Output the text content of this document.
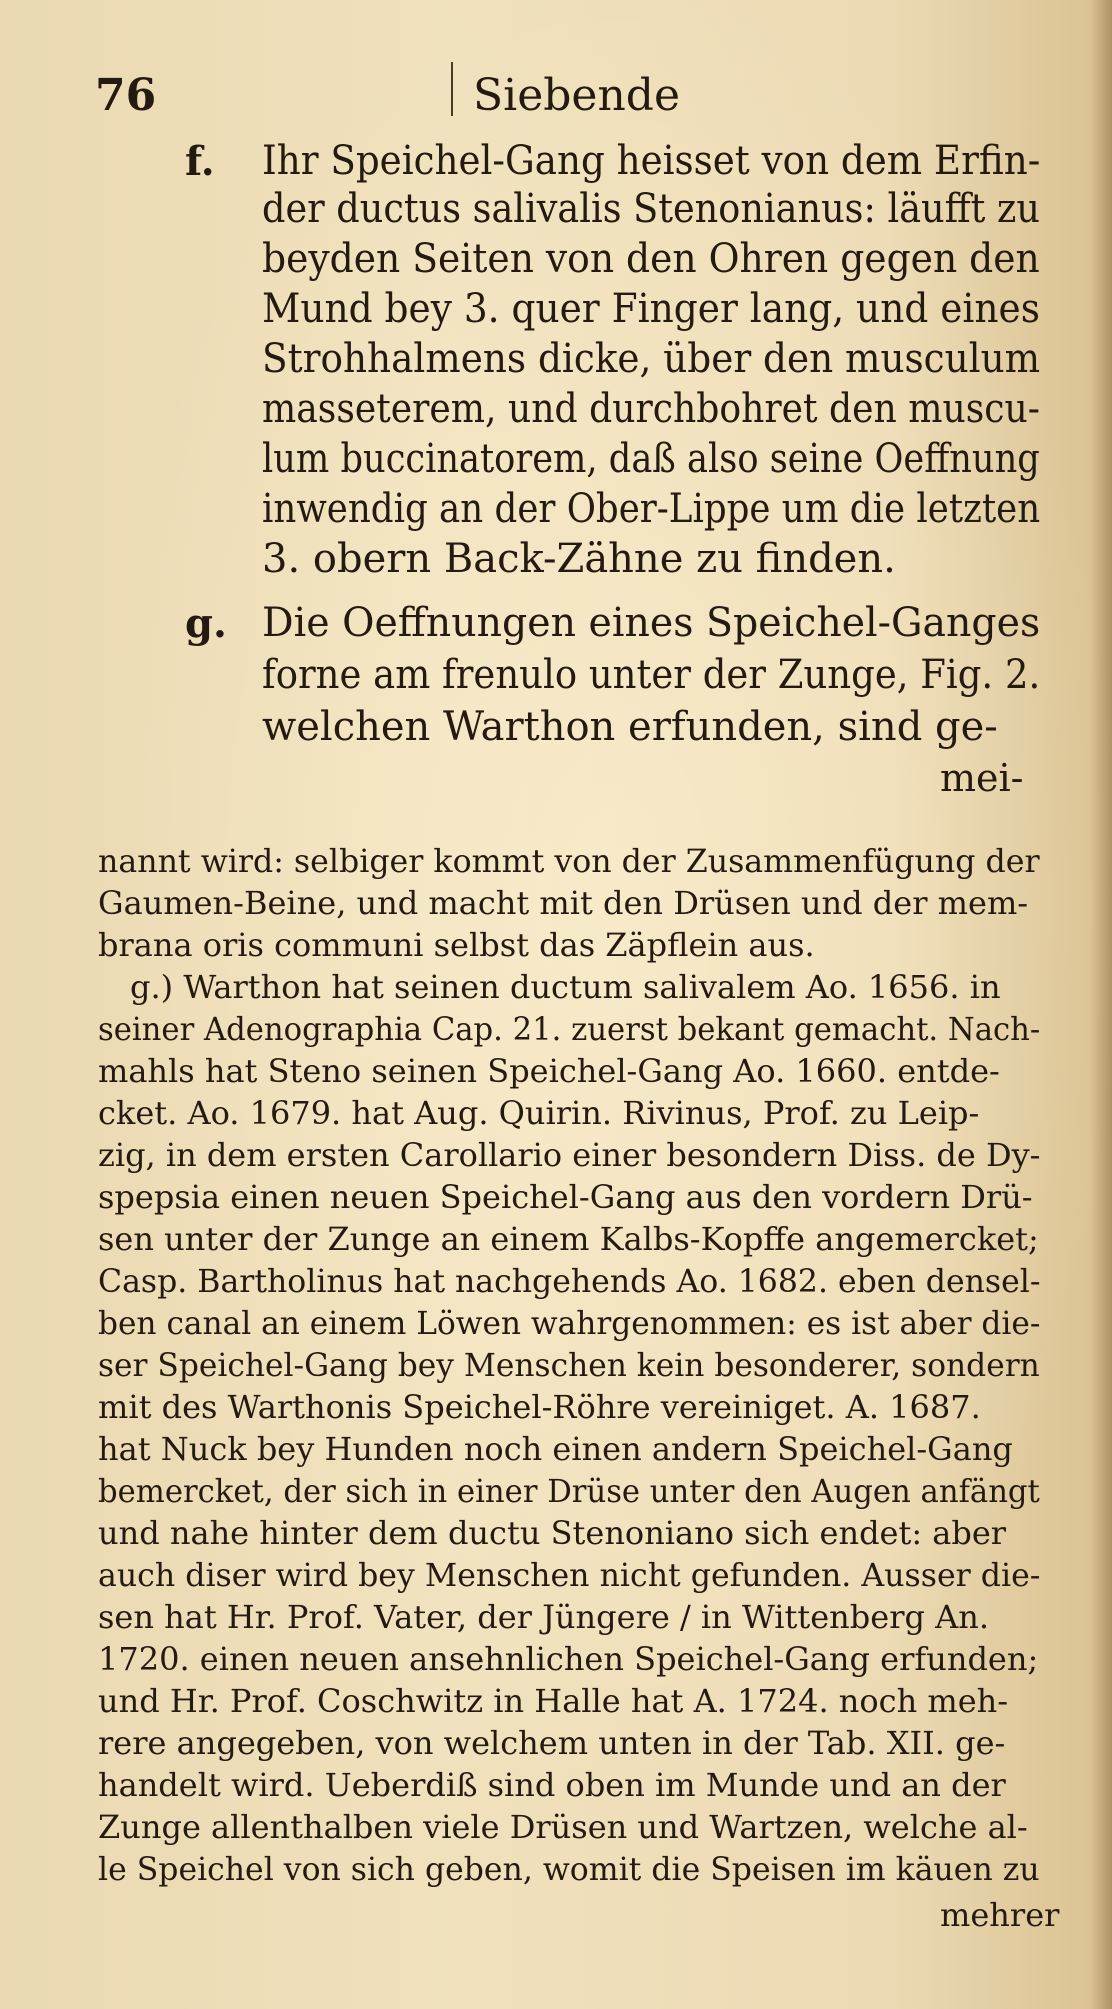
76	Siebende
f. Ihr Speichel-Gang heisset von dem Erfin-
der ductus salivalis Stenonianus: läufft zu
beyden Seiten von den Ohren gegen den
Mund bey 3. quer Finger lang, und eines
Strohhalmens dicke, über den musculum
masseterem, und durchbohret den muscu-
lum buccinatorem, daß also seine Oeffnung
inwendig an der Ober-Lippe um die letzten
3. obern Back-Zähne zu finden.
g. Die Oeffnungen eines Speichel-Ganges
forne am frenulo unter der Zunge, Fig. 2.
welchen Warthon erfunden, sind ge-
mei-
nannt wird: selbiger kommt von der Zusammenfügung der
Gaumen-Beine, und macht mit den Drüsen und der mem-
brana oris communi selbst das Zäpflein aus.
g.) Warthon hat seinen ductum salivalem Ao. 1656. in
seiner Adenographia Cap. 21. zuerst bekant gemacht. Nach-
mahls hat Steno seinen Speichel-Gang Ao. 1660. entde-
cket. Ao. 1679. hat Aug. Quirin. Rivinus, Prof. zu Leip-
zig, in dem ersten Carollario einer besondern Diss. de Dy-
spepsia einen neuen Speichel-Gang aus den vordern Drü-
sen unter der Zunge an einem Kalbs-Kopffe angemercket;
Casp. Bartholinus hat nachgehends Ao. 1682. eben densel-
ben canal an einem Löwen wahrgenommen: es ist aber die-
ser Speichel-Gang bey Menschen kein besonderer, sondern
mit des Warthonis Speichel-Röhre vereiniget. A. 1687.
hat Nuck bey Hunden noch einen andern Speichel-Gang
bemercket, der sich in einer Drüse unter den Augen anfängt
und nahe hinter dem ductu Stenoniano sich endet: aber
auch diser wird bey Menschen nicht gefunden. Ausser die-
sen hat Hr. Prof. Vater, der Jüngere / in Wittenberg An.
1720. einen neuen ansehnlichen Speichel-Gang erfunden;
und Hr. Prof. Coschwitz in Halle hat A. 1724. noch meh-
rere angegeben, von welchem unten in der Tab. XII. ge-
handelt wird. Ueberdiß sind oben im Munde und an der
Zunge allenthalben viele Drüsen und Wartzen, welche al-
le Speichel von sich geben, womit die Speisen im käuen zu
mehrer
